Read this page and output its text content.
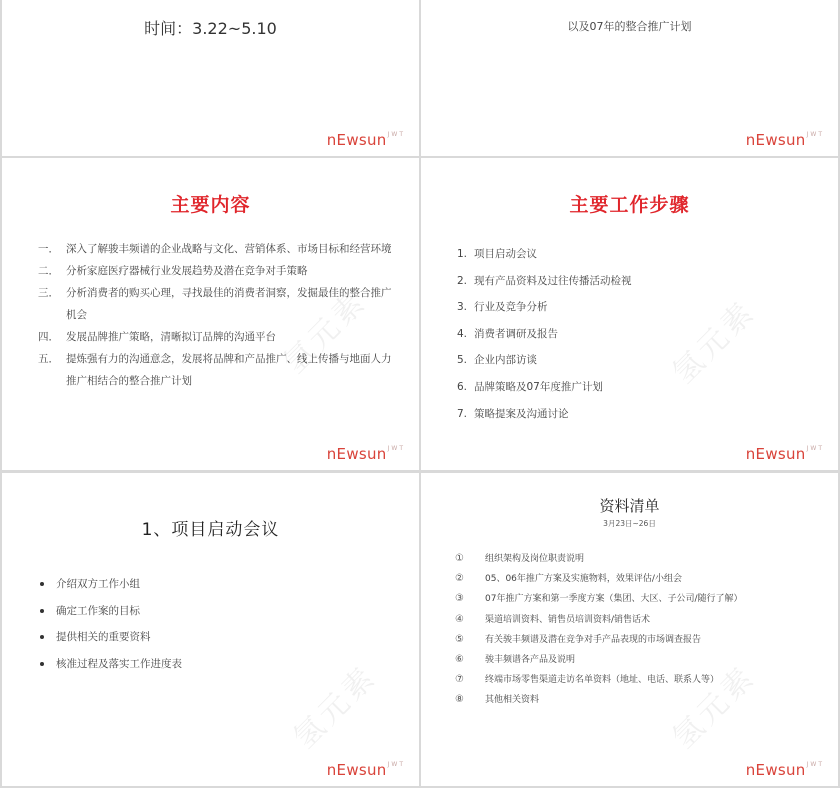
时间：3.22~5.10
nEwsun$^{JWT}$
以及07年的整合推广计划
nEwsun$^{JWT}$
氢元素
主要内容
一． 深入了解骏丰频谱的企业战略与文化、营销体系、市场目标和经营环境
二． 分析家庭医疗器械行业发展趋势及潜在竞争对手策略
三． 分析消费者的购买心理，寻找最佳的消费者洞察，发掘最佳的整合推广机会
四． 发展品牌推广策略，清晰拟订品牌的沟通平台
五． 提炼强有力的沟通意念，发展将品牌和产品推广、线上传播与地面人力推广相结合的整合推广计划
nEwsun$^{JWT}$
氢元素
主要工作步骤
1. 项目启动会议
2. 现有产品资料及过往传播活动检视
3. 行业及竞争分析
4. 消费者调研及报告
5. 企业内部访谈
6. 品牌策略及07年度推广计划
7. 策略提案及沟通讨论
nEwsun$^{JWT}$
氢元素
1、项目启动会议
介绍双方工作小组
确定工作案的目标
提供相关的重要资料
核准过程及落实工作进度表
nEwsun$^{JWT}$
氢元素
资料清单
3月23日~26日
①	组织架构及岗位职责说明
②	05、06年推广方案及实施物料，效果评估/小组会
③	07年推广方案和第一季度方案（集团、大区、子公司/随行了解）
④	渠道培训资料、销售员培训资料/销售话术
⑤	有关骏丰频谱及潜在竞争对手产品表现的市场调查报告
⑥	骏丰频谱各产品及说明
⑦	终端市场零售渠道走访名单资料（地址、电话、联系人等）
⑧	其他相关资料
nEwsun$^{JWT}$
